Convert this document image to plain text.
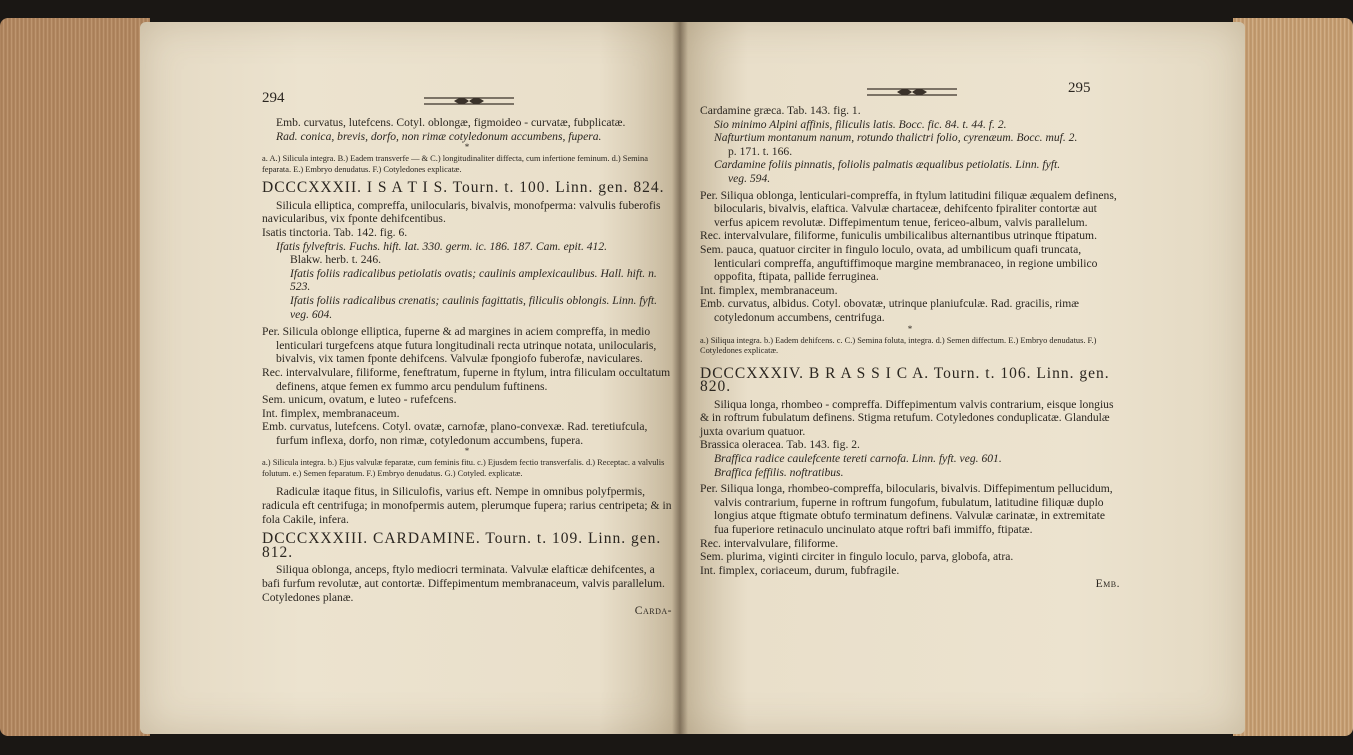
294
295

Emb. curvatus, lutefcens. Cotyl. oblongæ, figmoideo - curvatæ, fubplicatæ.

Rad. conica, brevis, dorfo, non rimæ cotyledonum accumbens, fupera.

*

a. A.) Silicula integra. B.) Eadem transverfe — & C.) longitudinaliter diffecta, cum infertione feminum. d.) Semina feparata. E.) Embryo denudatus. F.) Cotyledones explicatæ.

DCCCXXXII. I S A T I S. Tourn. t. 100. Linn. gen. 824.

Silicula elliptica, compreffa, unilocularis, bivalvis, monofperma: valvulis fuberofis navicularibus, vix fponte dehifcentibus.

Isatis tinctoria. Tab. 142. fig. 6.

Ifatis fylveftris. Fuchs. hift. lat. 330. germ. ic. 186. 187. Cam. epit. 412.

Blakw. herb. t. 246.

Ifatis foliis radicalibus petiolatis ovatis; caulinis amplexicaulibus. Hall. hift. n. 523.

Ifatis foliis radicalibus crenatis; caulinis fagittatis, filiculis oblongis. Linn. fyft.

veg. 604.

Per. Silicula oblonge elliptica, fuperne & ad margines in aciem compreffa, in medio lenticulari turgefcens atque futura longitudinali recta utrinque notata, unilocularis, bivalvis, vix tamen fponte dehifcens. Valvulæ fpongiofo fuberofæ, naviculares.

Rec. intervalvulare, filiforme, feneftratum, fuperne in ftylum, intra filiculam occultatum definens, atque femen ex fummo arcu pendulum fuftinens.

Sem. unicum, ovatum, e luteo - rufefcens.

Int. fimplex, membranaceum.

Emb. curvatus, lutefcens. Cotyl. ovatæ, carnofæ, plano-convexæ. Rad. teretiufcula, furfum inflexa, dorfo, non rimæ, cotyledonum accumbens, fupera.

*

a.) Silicula integra. b.) Ejus valvulæ feparatæ, cum feminis fitu. c.) Ejusdem fectio transverfalis. d.) Receptac. a valvulis folutum. e.) Semen feparatum. F.) Embryo denudatus. G.) Cotyled. explicatæ.

Radiculæ itaque fitus, in Siliculofis, varius eft. Nempe in omnibus polyfpermis, radicula eft centrifuga; in monofpermis autem, plerumque fupera; rarius centripeta; & in fola Cakile, infera.

DCCCXXXIII. CARDAMINE. Tourn. t. 109. Linn. gen. 812.

Siliqua oblonga, anceps, ftylo mediocri terminata. Valvulæ elafticæ dehifcentes, a bafi furfum revolutæ, aut contortæ. Diffepimentum membranaceum, valvis parallelum. Cotyledones planæ.

Carda-

Cardamine græca. Tab. 143. fig. 1.

Sio minimo Alpini affinis, filiculis latis. Bocc. fic. 84. t. 44. f. 2.

Nafturtium montanum nanum, rotundo thalictri folio, cyrenæum. Bocc. muf. 2.

p. 171. t. 166.

Cardamine foliis pinnatis, foliolis palmatis æqualibus petiolatis. Linn. fyft.

veg. 594.

Per. Siliqua oblonga, lenticulari-compreffa, in ftylum latitudini filiquæ æqualem definens, bilocularis, bivalvis, elaftica. Valvulæ chartaceæ, dehifcento fpiraliter contortæ aut verfus apicem revolutæ. Diffepimentum tenue, fericeo-album, valvis parallelum.

Rec. intervalvulare, filiforme, funiculis umbilicalibus alternantibus utrinque ftipatum.

Sem. pauca, quatuor circiter in fingulo loculo, ovata, ad umbilicum quafi truncata, lenticulari compreffa, anguftiffimoque margine membranaceo, in regione umbilico oppofita, ftipata, pallide ferruginea.

Int. fimplex, membranaceum.

Emb. curvatus, albidus. Cotyl. obovatæ, utrinque planiufculæ. Rad. gracilis, rimæ cotyledonum accumbens, centrifuga.

*

a.) Siliqua integra. b.) Eadem dehifcens. c. C.) Semina foluta, integra. d.) Semen diffectum. E.) Embryo denudatus. F.) Cotyledones explicatæ.

DCCCXXXIV. B R A S S I C A. Tourn. t. 106. Linn. gen. 820.

Siliqua longa, rhombeo - compreffa. Diffepimentum valvis contrarium, eisque longius & in roftrum fubulatum definens. Stigma retufum. Cotyledones conduplicatæ. Glandulæ juxta ovarium quatuor.

Brassica oleracea. Tab. 143. fig. 2.

Braffica radice caulefcente tereti carnofa. Linn. fyft. veg. 601.

Braffica feffilis. noftratibus.

Per. Siliqua longa, rhombeo-compreffa, bilocularis, bivalvis. Diffepimentum pellucidum, valvis contrarium, fuperne in roftrum fungofum, fubulatum, latitudine filiquæ duplo longius atque ftigmate obtufo terminatum definens. Valvulæ carinatæ, in extremitate fua fuperiore retinaculo uncinulato atque roftri bafi immiffo, ftipatæ.

Rec. intervalvulare, filiforme.

Sem. plurima, viginti circiter in fingulo loculo, parva, globofa, atra.

Int. fimplex, coriaceum, durum, fubfragile.

Emb.
